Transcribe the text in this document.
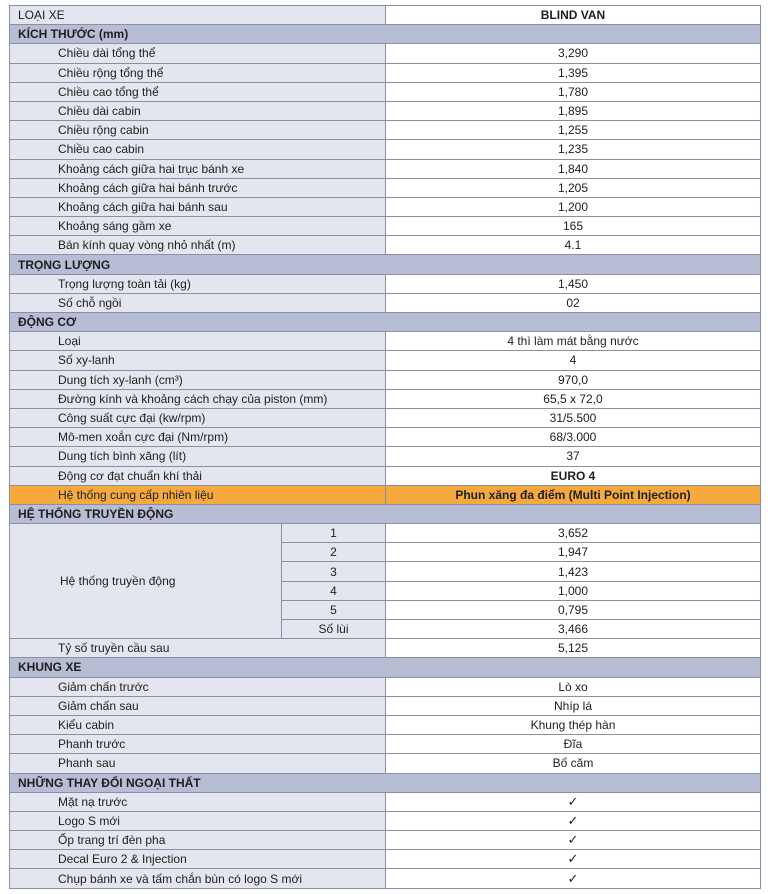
LOẠI XE		BLIND VAN
KÍCH THƯỚC (mm)		
Chiều dài tổng thể		3,290
Chiều rộng tổng thể		1,395
Chiều cao tổng thể		1,780
Chiều dài cabin		1,895
Chiều rộng cabin		1,255
Chiều cao cabin		1,235
Khoảng cách giữa hai trục bánh xe		1,840
Khoảng cách giữa hai bánh trước		1,205
Khoảng cách giữa hai bánh sau		1,200
Khoảng sáng gầm xe		165
Bán kính quay vòng nhỏ nhất (m)		4.1
TRỌNG LƯỢNG		
Trọng lượng toàn tải (kg)		1,450
Số chỗ ngồi		02
ĐỘNG CƠ		
Loại		4 thì làm mát bằng nước
Số xy-lanh		4
Dung tích xy-lanh (cm³)		970,0
Đường kính và khoảng cách chạy của piston (mm)		65,5 x 72,0
Công suất cực đại (kw/rpm)		31/5.500
Mô-men xoắn cực đại (Nm/rpm)		68/3.000
Dung tích bình xăng (lít)		37
Động cơ đạt chuẩn khí thải		EURO 4
Hệ thống cung cấp nhiên liệu		Phun xăng đa điểm (Multi Point Injection)
HỆ THỐNG TRUYỀN ĐỘNG		
Hệ thống truyền động	1	3,652
	2	1,947
	3	1,423
	4	1,000
	5	0,795
	Số lùi	3,466
Tỷ số truyền cầu sau		5,125
KHUNG XE		
Giảm chấn trước		Lò xo
Giảm chấn sau		Nhíp lá
Kiểu cabin		Khung thép hàn
Phanh trước		Đĩa
Phanh sau		Bố căm
NHỮNG THAY ĐỔI NGOẠI THẤT		
Mặt nạ trước		✓
Logo S mới		✓
Ốp trang trí đèn pha		✓
Decal Euro 2 & Injection		✓
Chụp bánh xe và tấm chắn bùn có logo S mới		✓
